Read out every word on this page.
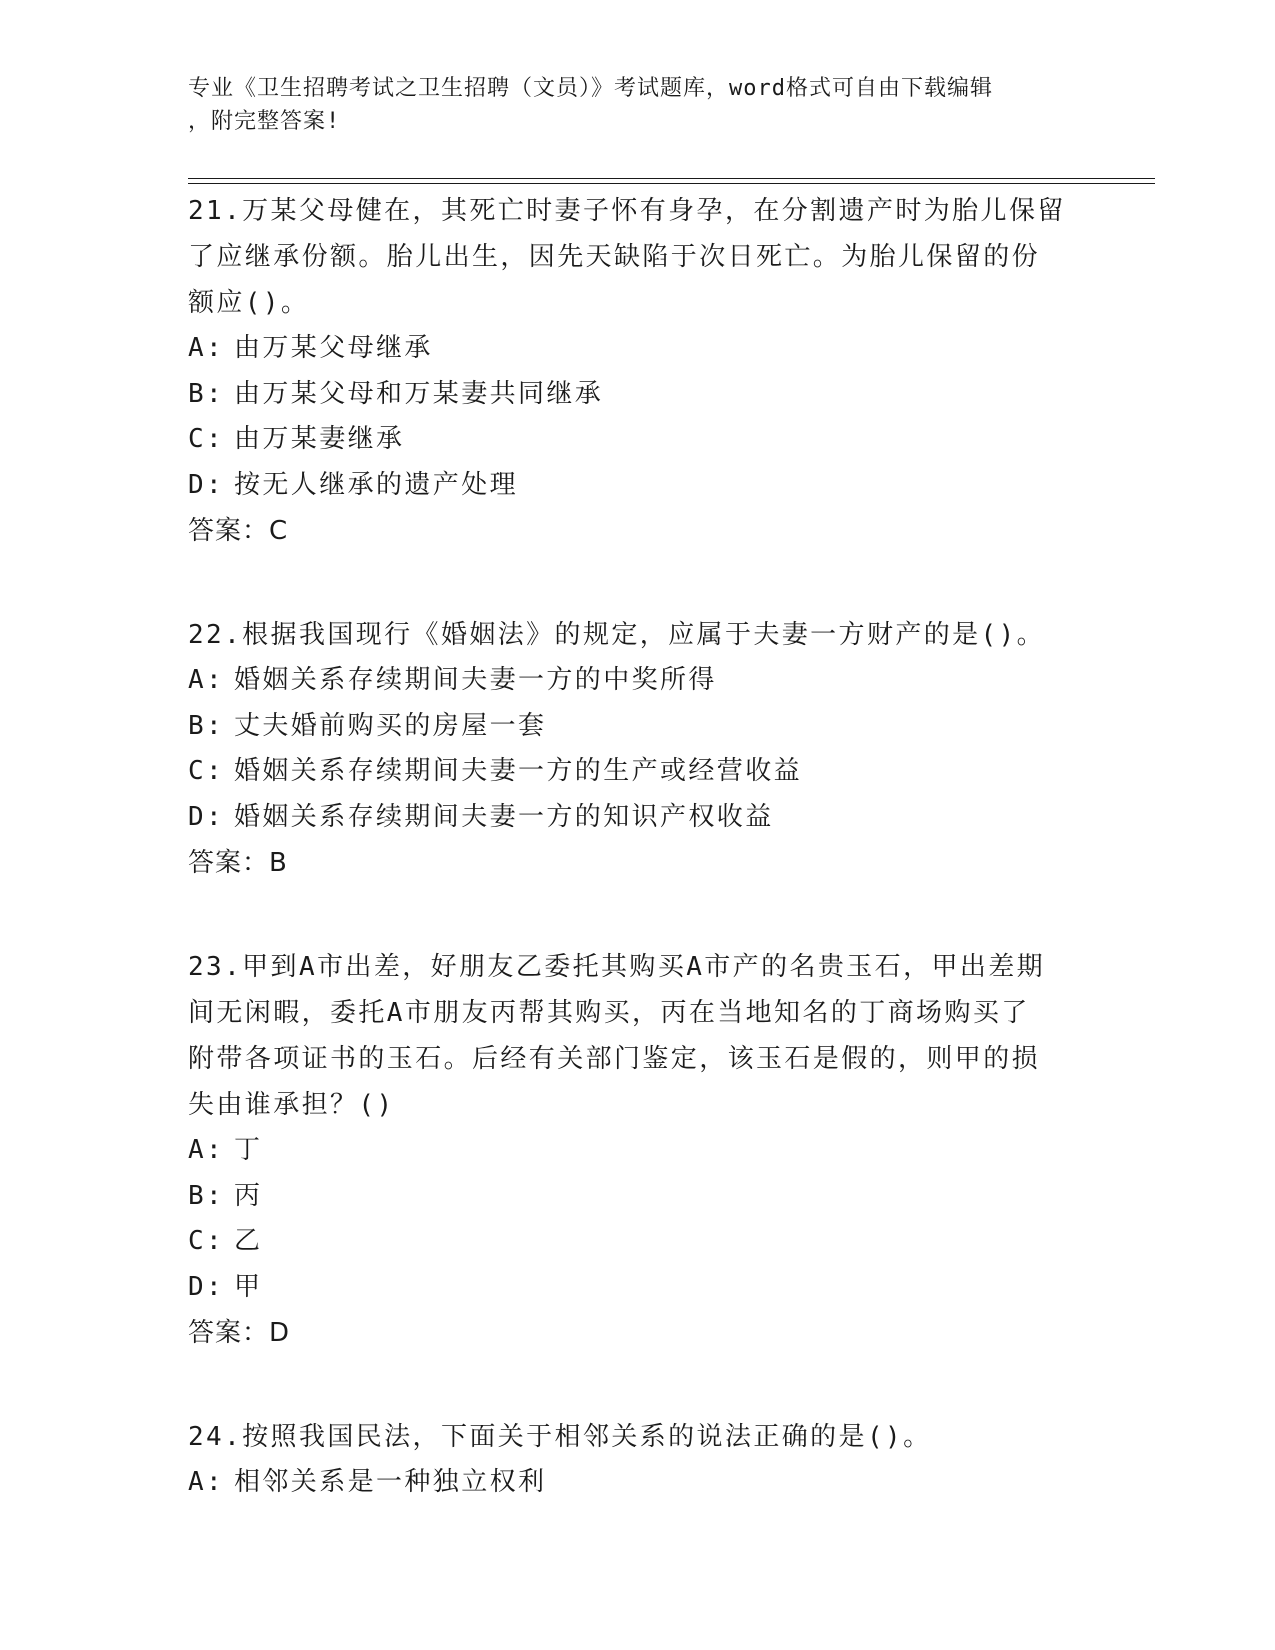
专业《卫生招聘考试之卫生招聘（文员）》考试题库，word格式可自由下载编辑
，附完整答案!
21.万某父母健在，其死亡时妻子怀有身孕，在分割遗产时为胎儿保留
了应继承份额。胎儿出生，因先天缺陷于次日死亡。为胎儿保留的份
额应()。
A: 由万某父母继承
B: 由万某父母和万某妻共同继承
C: 由万某妻继承
D: 按无人继承的遗产处理
答案：C
22.根据我国现行《婚姻法》的规定，应属于夫妻一方财产的是()。
A: 婚姻关系存续期间夫妻一方的中奖所得
B: 丈夫婚前购买的房屋一套
C: 婚姻关系存续期间夫妻一方的生产或经营收益
D: 婚姻关系存续期间夫妻一方的知识产权收益
答案：B
23.甲到A市出差，好朋友乙委托其购买A市产的名贵玉石，甲出差期
间无闲暇，委托A市朋友丙帮其购买，丙在当地知名的丁商场购买了
附带各项证书的玉石。后经有关部门鉴定，该玉石是假的，则甲的损
失由谁承担？()
A: 丁
B: 丙
C: 乙
D: 甲
答案：D
24.按照我国民法，下面关于相邻关系的说法正确的是()。
A: 相邻关系是一种独立权利
